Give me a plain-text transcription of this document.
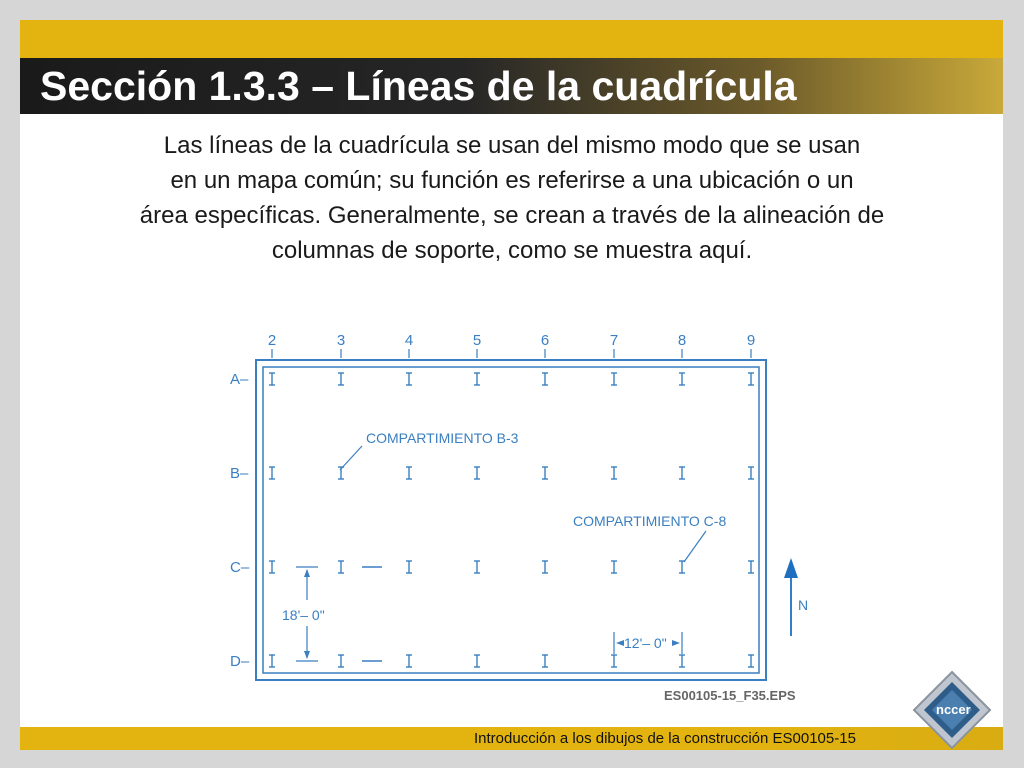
Sección 1.3.3 – Líneas de la cuadrícula
Las líneas de la cuadrícula se usan del mismo modo que se usan
en un mapa común; su función es referirse a una ubicación o un
área específicas. Generalmente, se crean a través de la alineación de
columnas de soporte, como se muestra aquí.
2	3	4	5	6	7	8	9
A–
B–
C–
D–
COMPARTIMIENTO B-3
COMPARTIMIENTO C-8
18'– 0"
12'– 0"
N
ES00105-15_F35.EPS
Introducción a los dibujos de la construcción ES00105-15
nccer
